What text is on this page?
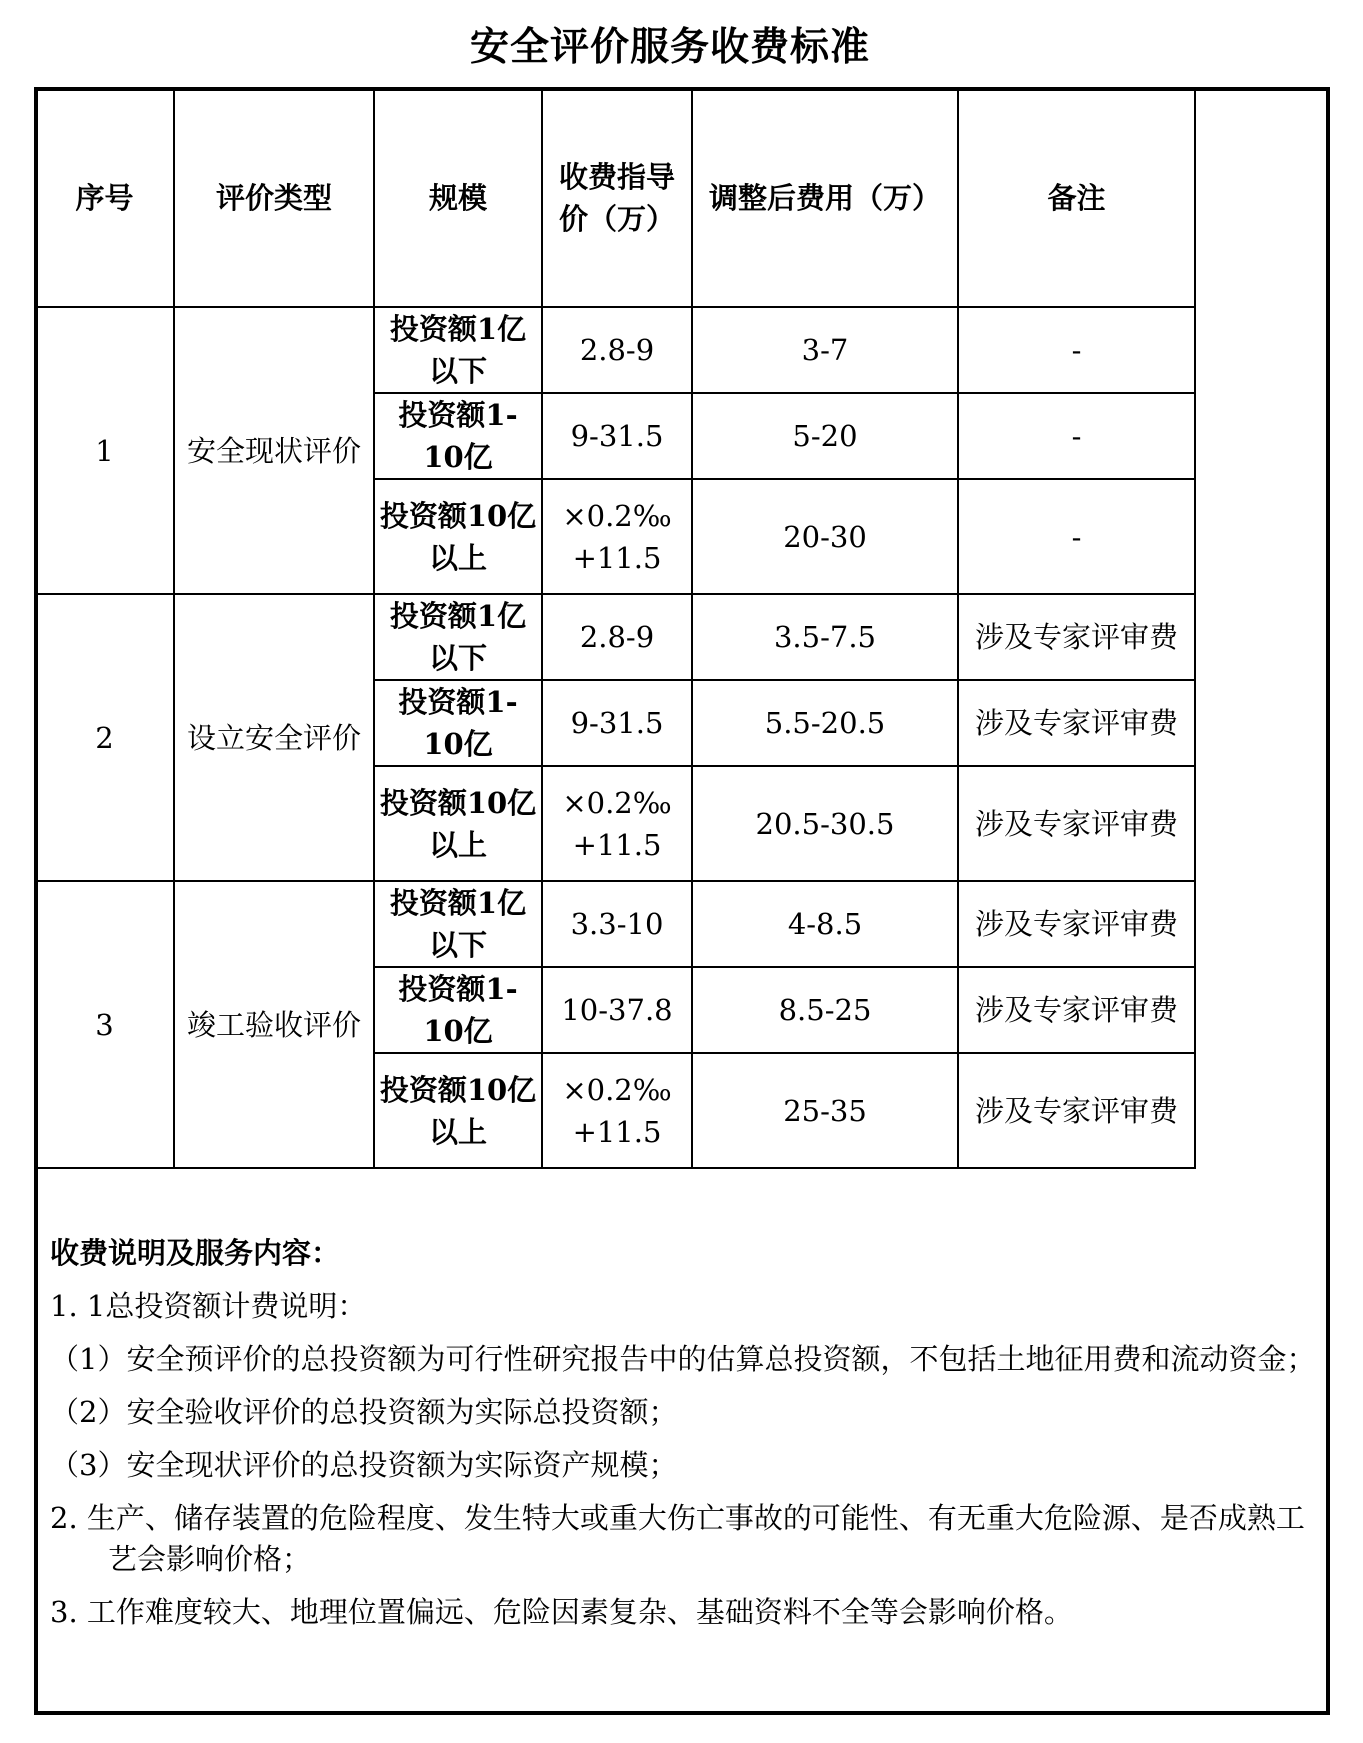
安全评价服务收费标准
序号	评价类型	规模	收费指导价（万）	调整后费用（万）	备注
1	安全现状评价	投资额1亿以下	2.8-9	3-7	-
		投资额1-10亿	9-31.5	5-20	-
		投资额10亿以上	×0.2‰+11.5	20-30	-
2	设立安全评价	投资额1亿以下	2.8-9	3.5-7.5	涉及专家评审费
		投资额1-10亿	9-31.5	5.5-20.5	涉及专家评审费
		投资额10亿以上	×0.2‰+11.5	20.5-30.5	涉及专家评审费
3	竣工验收评价	投资额1亿以下	3.3-10	4-8.5	涉及专家评审费
		投资额1-10亿	10-37.8	8.5-25	涉及专家评审费
		投资额10亿以上	×0.2‰+11.5	25-35	涉及专家评审费

收费说明及服务内容：

1. 1总投资额计费说明：

（1）安全预评价的总投资额为可行性研究报告中的估算总投资额，不包括土地征用费和流动资金；

（2）安全验收评价的总投资额为实际总投资额；

（3）安全现状评价的总投资额为实际资产规模；

2. 生产、储存装置的危险程度、发生特大或重大伤亡事故的可能性、有无重大危险源、是否成熟工艺会影响价格；

3. 工作难度较大、地理位置偏远、危险因素复杂、基础资料不全等会影响价格。
